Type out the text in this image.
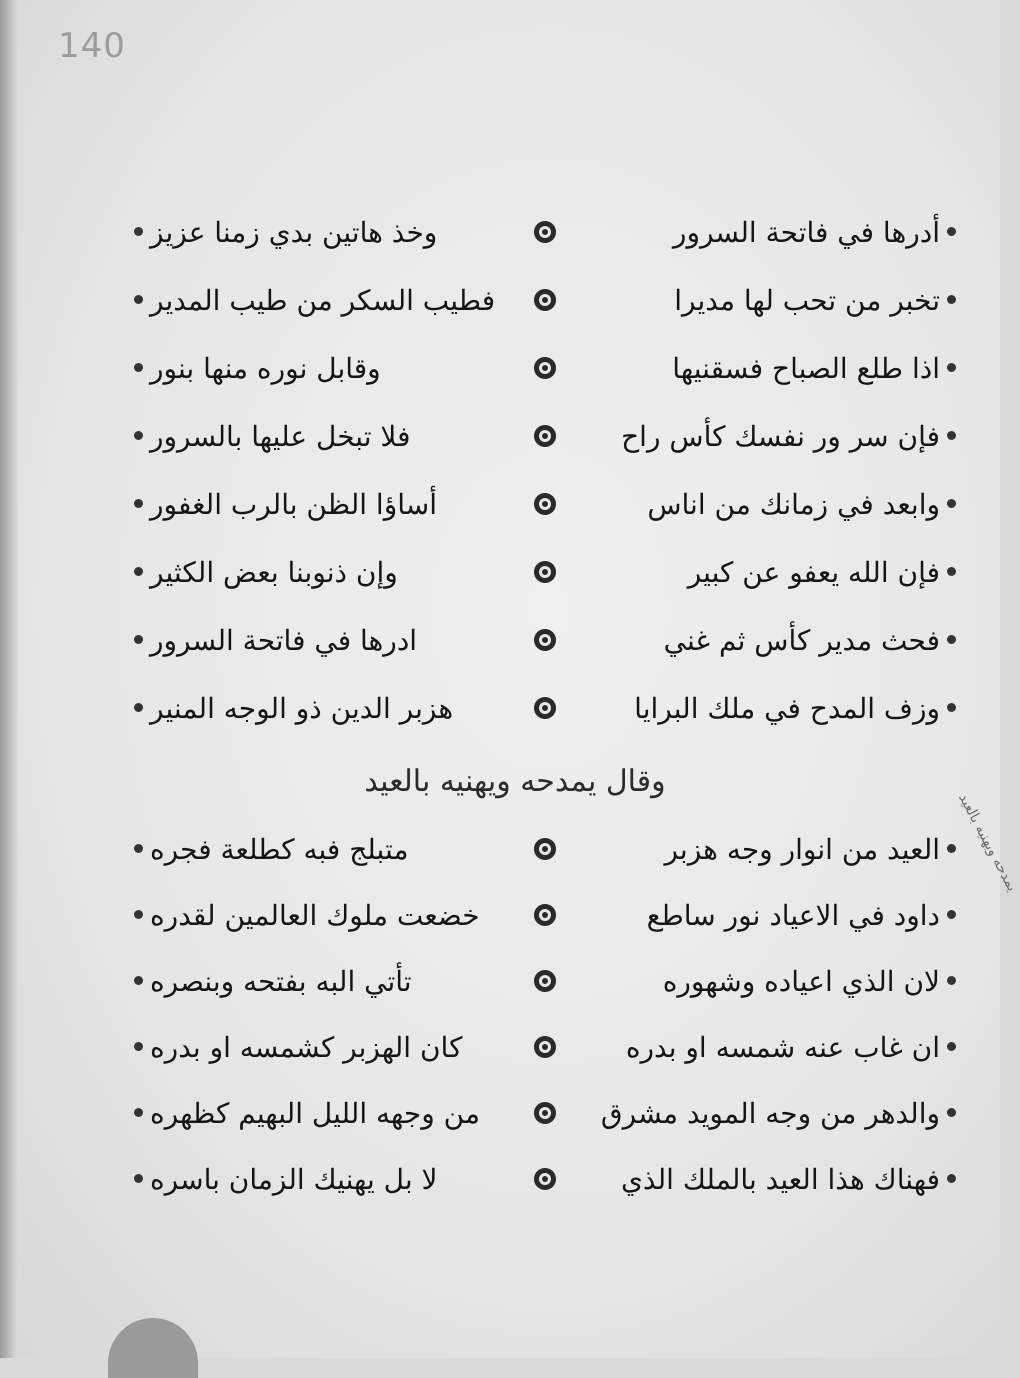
140
أدرها في فاتحة السرور
وخذ هاتين بدي زمنا عزيز
تخبر من تحب لها مديرا
فطيب السكر من طيب المدير
اذا طلع الصباح فسقنيها
وقابل نوره منها بنور
فإن سر ور نفسك كأس راح
فلا تبخل عليها بالسرور
وابعد في زمانك من اناس
أساؤا الظن بالرب الغفور
فإن الله يعفو عن كبير
وإن ذنوبنا بعض الكثير
فحث مدير كأس ثم غني
ادرها في فاتحة السرور
وزف المدح في ملك البرايا
هزبر الدين ذو الوجه المنير
وقال يمدحه ويهنيه بالعيد
العيد من انوار وجه هزبر
متبلج فبه كطلعة فجره
داود في الاعياد نور ساطع
خضعت ملوك العالمين لقدره
لان الذي اعياده وشهوره
تأتي البه بفتحه وبنصره
ان غاب عنه شمسه او بدره
كان الهزبر كشمسه او بدره
والدهر من وجه المويد مشرق
من وجهه الليل البهيم كظهره
فهناك هذا العيد بالملك الذي
لا بل يهنيك الزمان باسره
يمدحه ويهنيه بالعيد
